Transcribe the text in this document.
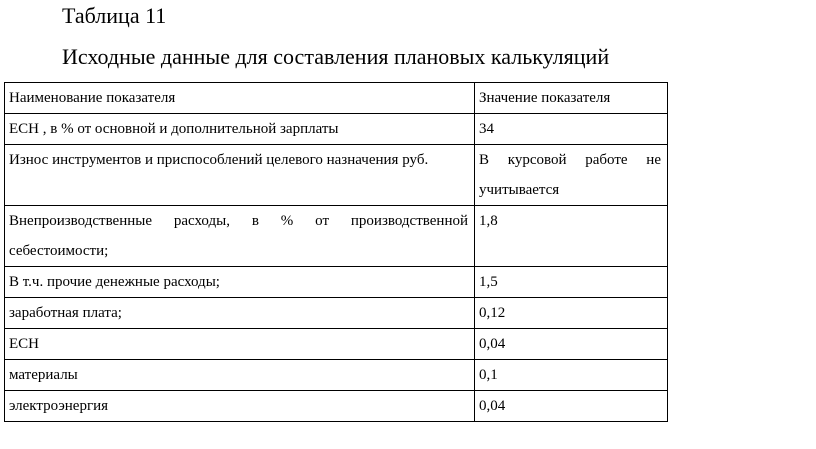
Таблица 11
Исходные данные для составления плановых калькуляций
Наименование показателя	Значение показателя
ЕСН , в % от основной и дополнительной зарплаты	34
Износ инструментов и приспособлений целевого назначения руб.	В курсовой работе не учитывается
Внепроизводственные расходы, в % от производственной себестоимости;	1,8
В т.ч. прочие денежные расходы;	1,5
заработная плата;	0,12
ЕСН	0,04
материалы	0,1
электроэнергия	0,04
